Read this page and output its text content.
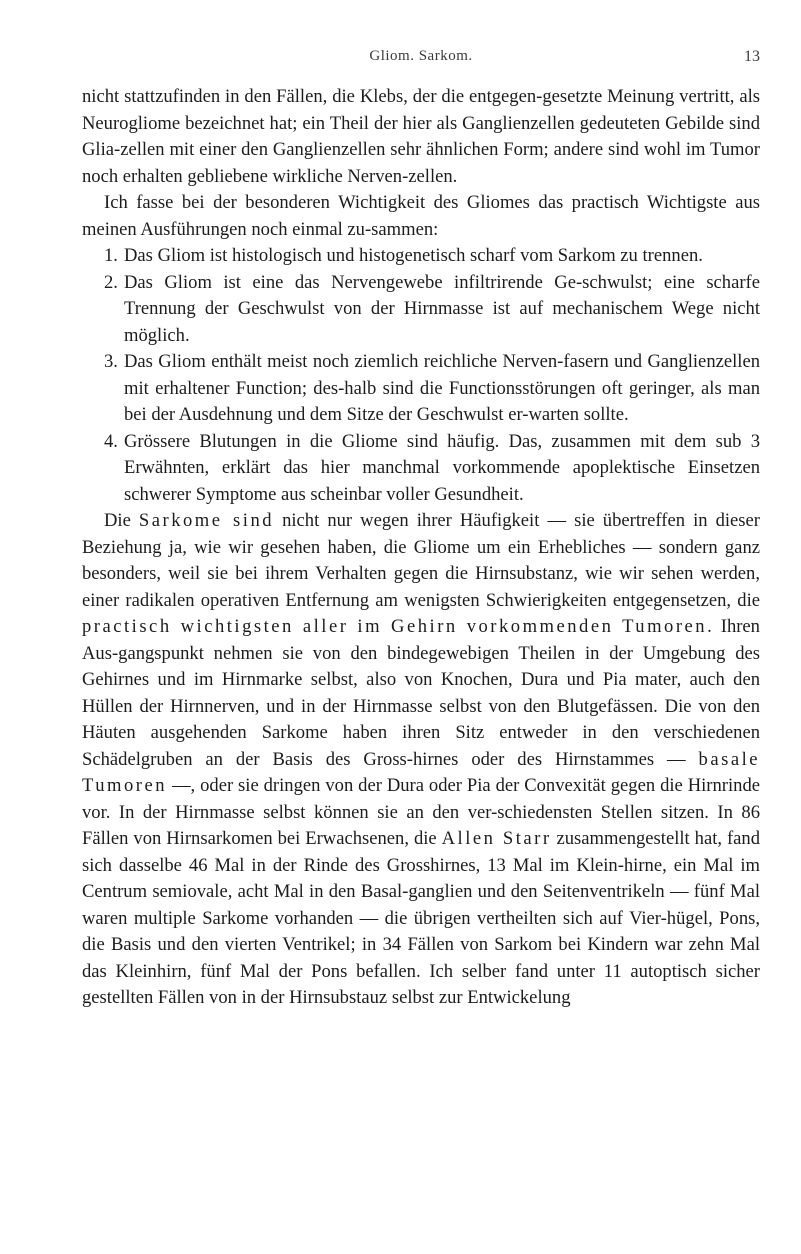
Gliom. Sarkom.	13

nicht stattzufinden in den Fällen, die Klebs, der die entgegen-gesetzte Meinung vertritt, als Neurogliome bezeichnet hat; ein Theil der hier als Ganglienzellen gedeuteten Gebilde sind Glia-zellen mit einer den Ganglienzellen sehr ähnlichen Form; andere sind wohl im Tumor noch erhalten gebliebene wirkliche Nerven-zellen.

Ich fasse bei der besonderen Wichtigkeit des Gliomes das practisch Wichtigste aus meinen Ausführungen noch einmal zu-sammen:

1. Das Gliom ist histologisch und histogenetisch scharf vom Sarkom zu trennen.
2. Das Gliom ist eine das Nervengewebe infiltrirende Ge-schwulst; eine scharfe Trennung der Geschwulst von der Hirnmasse ist auf mechanischem Wege nicht möglich.
3. Das Gliom enthält meist noch ziemlich reichliche Nerven-fasern und Ganglienzellen mit erhaltener Function; des-halb sind die Functionsstörungen oft geringer, als man bei der Ausdehnung und dem Sitze der Geschwulst er-warten sollte.
4. Grössere Blutungen in die Gliome sind häufig. Das, zusammen mit dem sub 3 Erwähnten, erklärt das hier manchmal vorkommende apoplektische Einsetzen schwerer Symptome aus scheinbar voller Gesundheit.

Die Sarkome sind nicht nur wegen ihrer Häufigkeit — sie übertreffen in dieser Beziehung ja, wie wir gesehen haben, die Gliome um ein Erhebliches — sondern ganz besonders, weil sie bei ihrem Verhalten gegen die Hirnsubstanz, wie wir sehen werden, einer radikalen operativen Entfernung am wenigsten Schwierigkeiten entgegensetzen, die practisch wichtigsten aller im Gehirn vorkommenden Tumoren. Ihren Aus-gangspunkt nehmen sie von den bindegewebigen Theilen in der Umgebung des Gehirnes und im Hirnmarke selbst, also von Knochen, Dura und Pia mater, auch den Hüllen der Hirnnerven, und in der Hirnmasse selbst von den Blutgefässen. Die von den Häuten ausgehenden Sarkome haben ihren Sitz entweder in den verschiedenen Schädelgruben an der Basis des Gross-hirnes oder des Hirnstammes — basale Tumoren —, oder sie dringen von der Dura oder Pia der Convexität gegen die Hirnrinde vor. In der Hirnmasse selbst können sie an den ver-schiedensten Stellen sitzen. In 86 Fällen von Hirnsarkomen bei Erwachsenen, die Allen Starr zusammengestellt hat, fand sich dasselbe 46 Mal in der Rinde des Grosshirnes, 13 Mal im Klein-hirne, ein Mal im Centrum semiovale, acht Mal in den Basal-ganglien und den Seitenventrikeln — fünf Mal waren multiple Sarkome vorhanden — die übrigen vertheilten sich auf Vier-hügel, Pons, die Basis und den vierten Ventrikel; in 34 Fällen von Sarkom bei Kindern war zehn Mal das Kleinhirn, fünf Mal der Pons befallen. Ich selber fand unter 11 autoptisch sicher gestellten Fällen von in der Hirnsubstauz selbst zur Entwickelung
